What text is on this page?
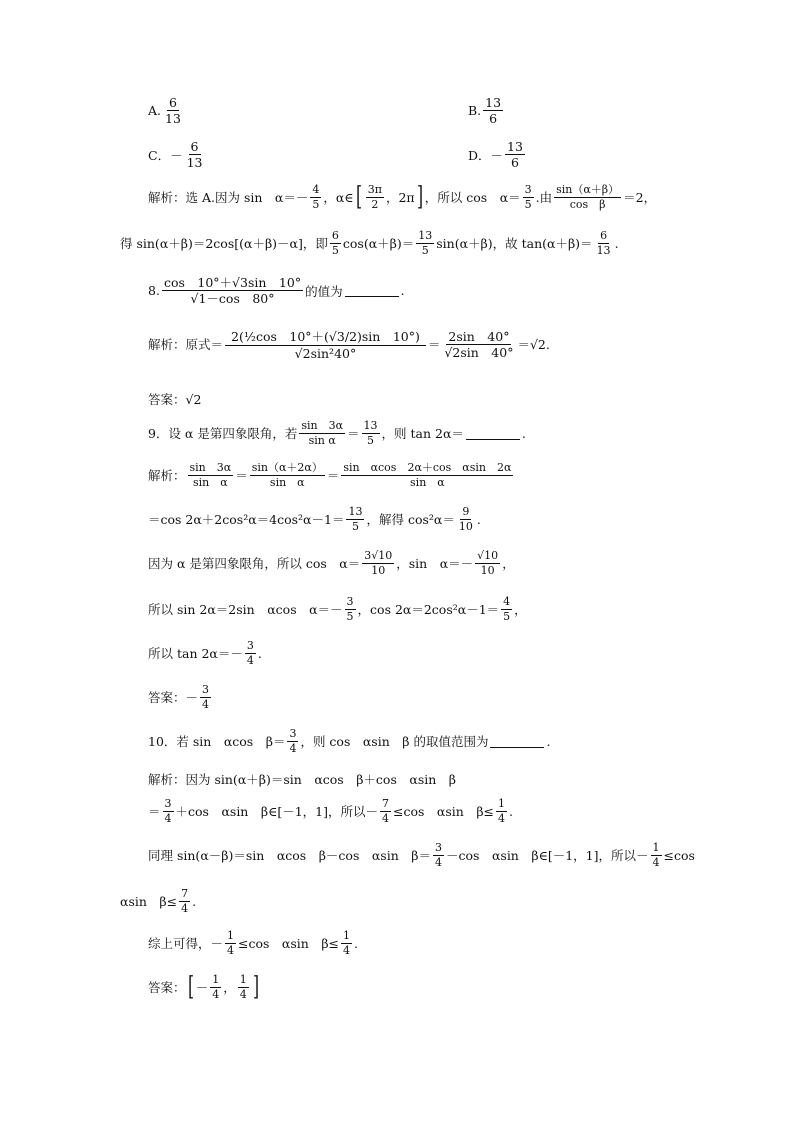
A. $\frac{6}{13}$	B. $\frac{13}{6}$
C．－ $\frac{6}{13}$	D．－ $\frac{13}{6}$
解析：选 A.因为 sin　$\alpha=- \frac{4}{5}$ ，α∈ [ $\frac{3\pi}{2}$ ，2π ] ，所以 cos　$\alpha= \frac{3}{5}$ .由 $\frac{\sin(\alpha+\beta)}{\text{cos　β}} =2$，
得 sin(α＋β)＝2cos[(α＋β)－α]，即 $\frac{6}{5} \cos(\alpha+\beta)= \frac{13}{5} \sin(\alpha+\beta)$，故 $\tan(\alpha+\beta)= \frac{6}{13}$ .
8. $\frac{\cos 10^\circ+√3\sin 10^\circ}{√1-\cos 80^\circ}$ 的值为	.
解析：原式＝ $\frac{\text{2(½cos　10°＋(√3/2)sin　10°)}}{\text{√2sin²40°}} = \frac{2\sin 40^\circ}{√2\sin 40^\circ} =√2$.
答案：√2
9．设 α 是第四象限角，若 $\frac{\sin 3\alpha}{\text{sin α}} = \frac{13}{5}$ ，则 tan 2α＝	.
解析： $\frac{\sin 3\alpha}{\text{sin　α}} = \frac{\sin(\alpha+2\alpha)}{\text{sin　α}} = \frac{\text{sin　αcos　2α＋cos　αsin　2α}}{\text{sin　α}}$
＝cos $2\alpha+2\cos^2\alpha=4\cos^2\alpha-1= \frac{13}{5}$ ，解得 $\cos^2\alpha= \frac{9}{10}$ .
因为 α 是第四象限角，所以 cos　$\alpha= \frac{3√10}{10}$ ，sin　$\alpha=- \frac{√10}{10}$ ，
所以 sin 2α＝2sin　αcos　$\alpha=- \frac{3}{5}$ ，$\cos 2\alpha=2\cos^2\alpha-1= \frac{4}{5}$ ，
所以 $\tan 2\alpha=- \frac{3}{4}$ .
答案：－ $\frac{3}{4}$
10．若 sin　αcos　$\beta= \frac{3}{4}$ ，则 cos　αsin　β 的取值范围为	.
解析：因为 sin(α＋β)＝sin　αcos　β＋cos　αsin　β
＝ $\frac{3}{4} +\cos$　αsin　β∈[－1，1]，所以－ $\frac{7}{4} \le\cos$　αsin　$\beta\le \frac{1}{4}$ .
同理 sin(α－β)＝sin　αcos　β－cos　αsin　$\beta= \frac{3}{4} -\cos$　αsin　β∈[－1，1]，所以－ $\frac{1}{4} \le\cos$
αsin　$\beta\le \frac{7}{4}$ .
综上可得，－ $\frac{1}{4} \le\cos$　αsin　$\beta\le \frac{1}{4}$ .
答案： [ － $\frac{1}{4}$ ， $\frac{1}{4}$ ]
